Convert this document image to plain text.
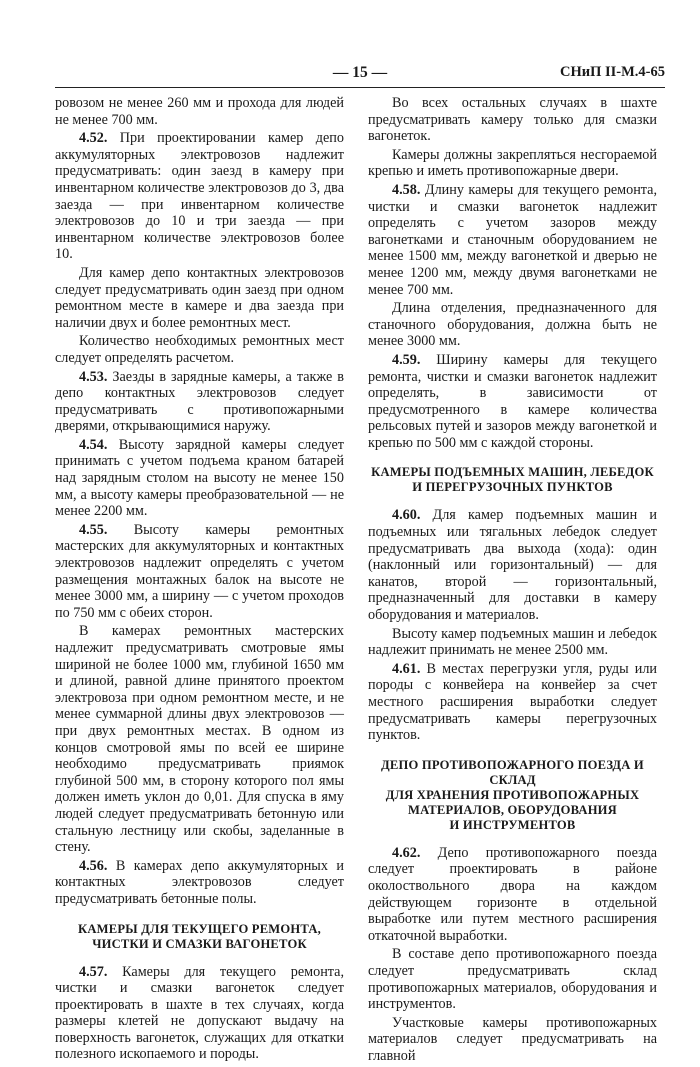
— 15 —	СНиП II-М.4-65

ровозом не менее 260 мм и прохода для людей не менее 700 мм.

4.52. При проектировании камер депо аккумуляторных электровозов надлежит предусматривать: один заезд в камеру при инвентарном количестве электровозов до 3, два заезда — при инвентарном количестве электровозов до 10 и три заезда — при инвентарном количестве электровозов более 10.

Для камер депо контактных электровозов следует предусматривать один заезд при одном ремонтном месте в камере и два заезда при наличии двух и более ремонтных мест.

Количество необходимых ремонтных мест следует определять расчетом.

4.53. Заезды в зарядные камеры, а также в депо контактных электровозов следует предусматривать с противопожарными дверями, открывающимися наружу.

4.54. Высоту зарядной камеры следует принимать с учетом подъема краном батарей над зарядным столом на высоту не менее 150 мм, а высоту камеры преобразовательной — не менее 2200 мм.

4.55. Высоту камеры ремонтных мастерских для аккумуляторных и контактных электровозов надлежит определять с учетом размещения монтажных балок на высоте не менее 3000 мм, а ширину — с учетом проходов по 750 мм с обеих сторон.

В камерах ремонтных мастерских надлежит предусматривать смотровые ямы шириной не более 1000 мм, глубиной 1650 мм и длиной, равной длине принятого проектом электровоза при одном ремонтном месте, и не менее суммарной длины двух электровозов — при двух ремонтных местах. В одном из концов смотровой ямы по всей ее ширине необходимо предусматривать приямок глубиной 500 мм, в сторону которого пол ямы должен иметь уклон до 0,01. Для спуска в яму людей следует предусматривать бетонную или стальную лестницу или скобы, заделанные в стену.

4.56. В камерах депо аккумуляторных и контактных электровозов следует предусматривать бетонные полы.

КАМЕРЫ ДЛЯ ТЕКУЩЕГО РЕМОНТА,
ЧИСТКИ И СМАЗКИ ВАГОНЕТОК

4.57. Камеры для текущего ремонта, чистки и смазки вагонеток следует проектировать в шахте в тех случаях, когда размеры клетей не допускают выдачу на поверхность вагонеток, служащих для откатки полезного ископаемого и породы.

Во всех остальных случаях в шахте предусматривать камеру только для смазки вагонеток.

Камеры должны закрепляться несгораемой крепью и иметь противопожарные двери.

4.58. Длину камеры для текущего ремонта, чистки и смазки вагонеток надлежит определять с учетом зазоров между вагонетками и станочным оборудованием не менее 1500 мм, между вагонеткой и дверью не менее 1200 мм, между двумя вагонетками не менее 700 мм.

Длина отделения, предназначенного для станочного оборудования, должна быть не менее 3000 мм.

4.59. Ширину камеры для текущего ремонта, чистки и смазки вагонеток надлежит определять, в зависимости от предусмотренного в камере количества рельсовых путей и зазоров между вагонеткой и крепью по 500 мм с каждой стороны.

КАМЕРЫ ПОДЪЕМНЫХ МАШИН, ЛЕБЕДОК
И ПЕРЕГРУЗОЧНЫХ ПУНКТОВ

4.60. Для камер подъемных машин и подъемных или тягальных лебедок следует предусматривать два выхода (хода): один (наклонный или горизонтальный) — для канатов, второй — горизонтальный, предназначенный для доставки в камеру оборудования и материалов.

Высоту камер подъемных машин и лебедок надлежит принимать не менее 2500 мм.

4.61. В местах перегрузки угля, руды или породы с конвейера на конвейер за счет местного расширения выработки следует предусматривать камеры перегрузочных пунктов.

ДЕПО ПРОТИВОПОЖАРНОГО ПОЕЗДА И СКЛАД
ДЛЯ ХРАНЕНИЯ ПРОТИВОПОЖАРНЫХ
МАТЕРИАЛОВ, ОБОРУДОВАНИЯ
И ИНСТРУМЕНТОВ

4.62. Депо противопожарного поезда следует проектировать в районе околоствольного двора на каждом действующем горизонте в отдельной выработке или путем местного расширения откаточной выработки.

В составе депо противопожарного поезда следует предусматривать склад противопожарных материалов, оборудования и инструментов.

Участковые камеры противопожарных материалов следует предусматривать на главной
